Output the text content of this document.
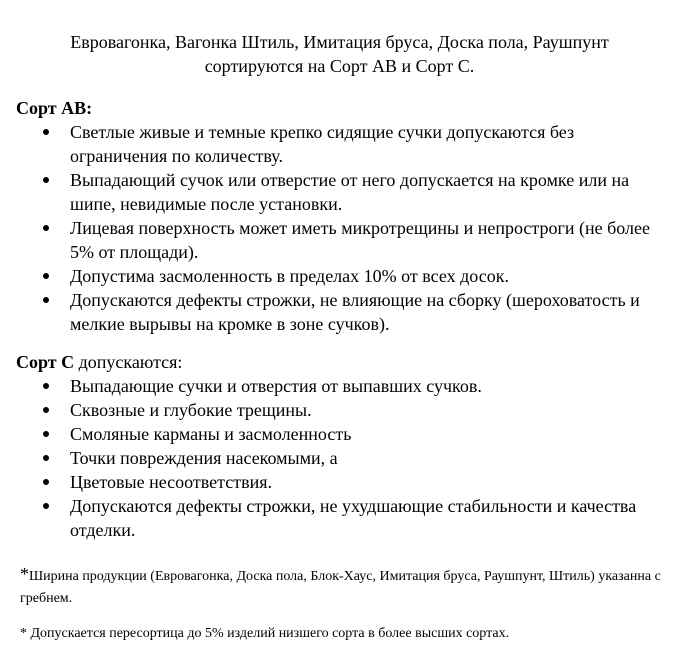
Евровагонка, Вагонка Штиль, Имитация бруса, Доска пола, Раушпунт
сортируются на Сорт АВ и Сорт С.
Сорт АВ:
Светлые живые и темные крепко сидящие сучки допускаются без ограничения по количеству.
Выпадающий сучок или отверстие от него допускается на кромке или на шипе, невидимые после установки.
Лицевая поверхность может иметь микротрещины и непростроги (не более 5% от площади).
Допустима засмоленность в пределах 10% от всех досок.
Допускаются дефекты строжки, не влияющие на сборку (шероховатость и мелкие вырывы на кромке в зоне сучков).
Сорт С допускаются:
Выпадающие сучки и отверстия от выпавших сучков.
Сквозные и глубокие трещины.
Смоляные карманы и засмоленность
Точки повреждения насекомыми, а
Цветовые несоответствия.
Допускаются дефекты строжки, не ухудшающие стабильности и качества отделки.
*Ширина продукции (Евровагонка, Доска пола, Блок-Хаус, Имитация бруса, Раушпунт, Штиль) указанна с гребнем.
* Допускается пересортица до 5% изделий низшего сорта в более высших сортах.
